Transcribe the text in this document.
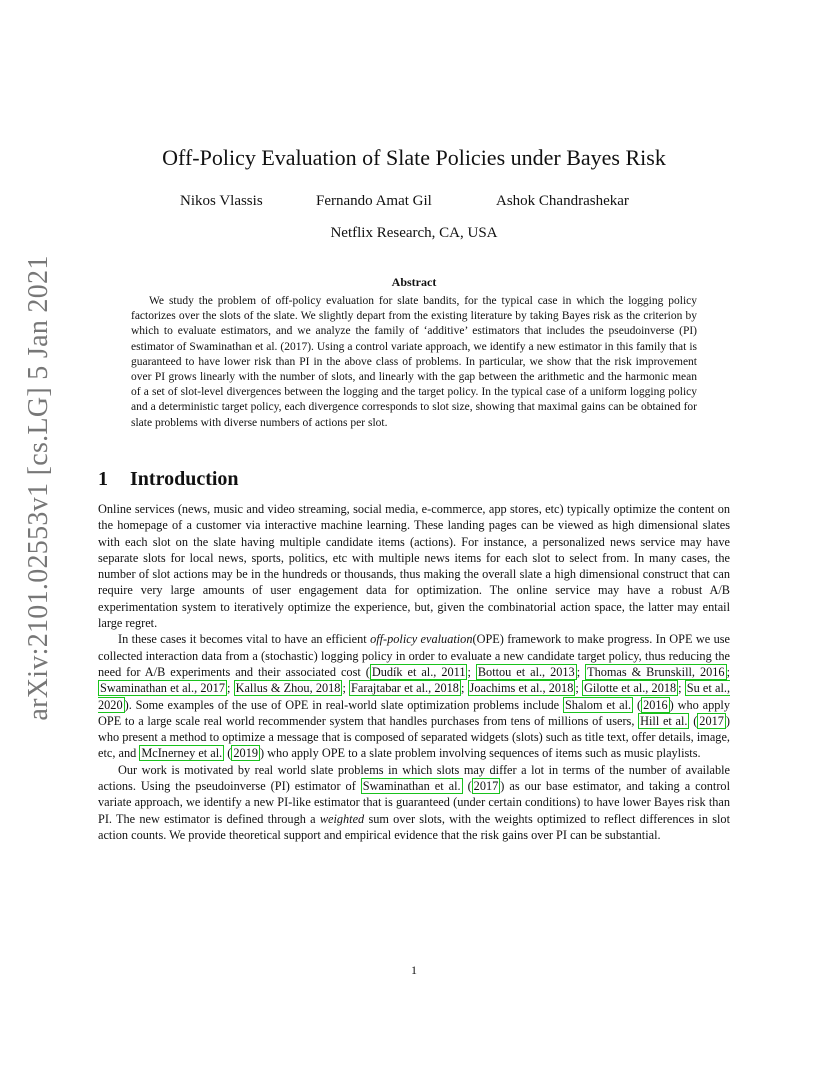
arXiv:2101.02553v1 [cs.LG] 5 Jan 2021
Off-Policy Evaluation of Slate Policies under Bayes Risk
Nikos Vlassis	Fernando Amat Gil	Ashok Chandrashekar
Netflix Research, CA, USA
Abstract

We study the problem of off-policy evaluation for slate bandits, for the typical case in which the logging policy factorizes over the slots of the slate. We slightly depart from the existing literature by taking Bayes risk as the criterion by which to evaluate estimators, and we analyze the family of ‘additive’ estimators that includes the pseudoinverse (PI) estimator of Swaminathan et al. (2017). Using a control variate approach, we identify a new estimator in this family that is guaranteed to have lower risk than PI in the above class of problems. In particular, we show that the risk improvement over PI grows linearly with the number of slots, and linearly with the gap between the arithmetic and the harmonic mean of a set of slot-level divergences between the logging and the target policy. In the typical case of a uniform logging policy and a deterministic target policy, each divergence corresponds to slot size, showing that maximal gains can be obtained for slate problems with diverse numbers of actions per slot.

1 Introduction

Online services (news, music and video streaming, social media, e-commerce, app stores, etc) typically optimize the content on the homepage of a customer via interactive machine learning. These landing pages can be viewed as high dimensional slates with each slot on the slate having multiple candidate items (actions). For instance, a personalized news service may have separate slots for local news, sports, politics, etc with multiple news items for each slot to select from. In many cases, the number of slot actions may be in the hundreds or thousands, thus making the overall slate a high dimensional construct that can require very large amounts of user engagement data for optimization. The online service may have a robust A/B experimentation system to iteratively optimize the experience, but, given the combinatorial action space, the latter may entail large regret.

In these cases it becomes vital to have an efficient off-policy evaluation(OPE) framework to make progress. In OPE we use collected interaction data from a (stochastic) logging policy in order to evaluate a new candidate target policy, thus reducing the need for A/B experiments and their associated cost ( Dudík et al., 2011 ; Bottou et al., 2013 ; Thomas & Brunskill, 2016 ; Swaminathan et al., 2017 ; Kallus & Zhou, 2018 ; Farajtabar et al., 2018 ; Joachims et al., 2018 ; Gilotte et al., 2018 ; Su et al., 2020 ). Some examples of the use of OPE in real-world slate optimization problems include Shalom et al. ( 2016 ) who apply OPE to a large scale real world recommender system that handles purchases from tens of millions of users, Hill et al. ( 2017 ) who present a method to optimize a message that is composed of separated widgets (slots) such as title text, offer details, image, etc, and McInerney et al. ( 2019 ) who apply OPE to a slate problem involving sequences of items such as music playlists.

Our work is motivated by real world slate problems in which slots may differ a lot in terms of the number of available actions. Using the pseudoinverse (PI) estimator of Swaminathan et al. ( 2017 ) as our base estimator, and taking a control variate approach, we identify a new PI-like estimator that is guaranteed (under certain conditions) to have lower Bayes risk than PI. The new estimator is defined through a weighted sum over slots, with the weights optimized to reflect differences in slot action counts. We provide theoretical support and empirical evidence that the risk gains over PI can be substantial.

1
